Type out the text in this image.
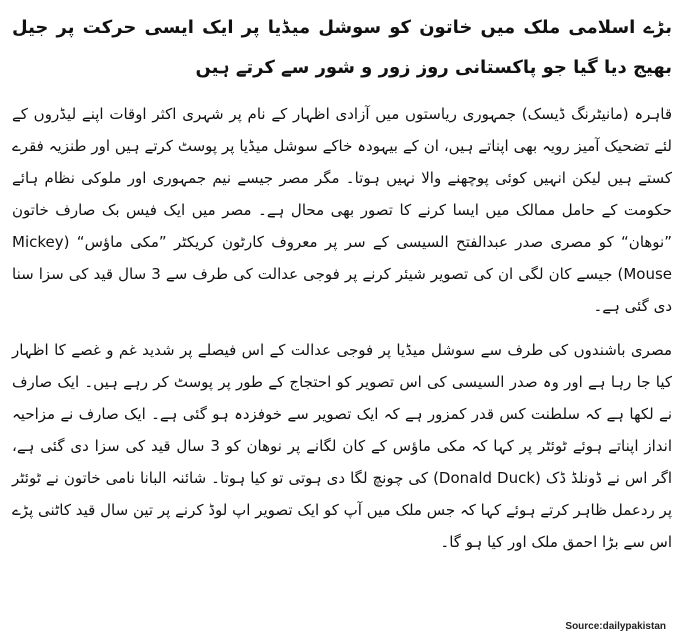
بڑے اسلامی ملک میں خاتون کو سوشل میڈیا پر ایک ایسی حرکت پر جیل بھیج دیا گیا جو پاکستانی روز زور و شور سے کرتے ہیں

قاہرہ (مانیٹرنگ ڈیسک) جمہوری ریاستوں میں آزادی اظہار کے نام پر شہری اکثر اوقات اپنے لیڈروں کے لئے تضحیک آمیز رویہ بھی اپناتے ہیں، ان کے بیہودہ خاکے سوشل میڈیا پر پوسٹ کرتے ہیں اور طنزیہ فقرے کستے ہیں لیکن انہیں کوئی پوچھنے والا نہیں ہوتا۔ مگر مصر جیسے نیم جمہوری اور ملوکی نظام ہائے حکومت کے حامل ممالک میں ایسا کرنے کا تصور بھی محال ہے۔ مصر میں ایک فیس بک صارف خاتون ”نوھان“ کو مصری صدر عبدالفتح السیسی کے سر پر معروف کارٹون کریکٹر ”مکی ماؤس“ (Mickey Mouse) جیسے کان لگی ان کی تصویر شیئر کرنے پر فوجی عدالت کی طرف سے 3 سال قید کی سزا سنا دی گئی ہے۔

مصری باشندوں کی طرف سے سوشل میڈیا پر فوجی عدالت کے اس فیصلے پر شدید غم و غصے کا اظہار کیا جا رہا ہے اور وہ صدر السیسی کی اس تصویر کو احتجاج کے طور پر پوسٹ کر رہے ہیں۔ ایک صارف نے لکھا ہے کہ سلطنت کس قدر کمزور ہے کہ ایک تصویر سے خوفزدہ ہو گئی ہے۔ ایک صارف نے مزاحیہ انداز اپناتے ہوئے ٹوئٹر پر کہا کہ مکی ماؤس کے کان لگانے پر نوھان کو 3 سال قید کی سزا دی گئی ہے، اگر اس نے ڈونلڈ ڈک (Donald Duck) کی چونچ لگا دی ہوتی تو کیا ہوتا۔ شائنہ البانا نامی خاتون نے ٹوئٹر پر ردعمل ظاہر کرتے ہوئے کہا کہ جس ملک میں آپ کو ایک تصویر اپ لوڈ کرنے پر تین سال قید کاٹنی پڑے اس سے بڑا احمق ملک اور کیا ہو گا۔

Source:dailypakistan
